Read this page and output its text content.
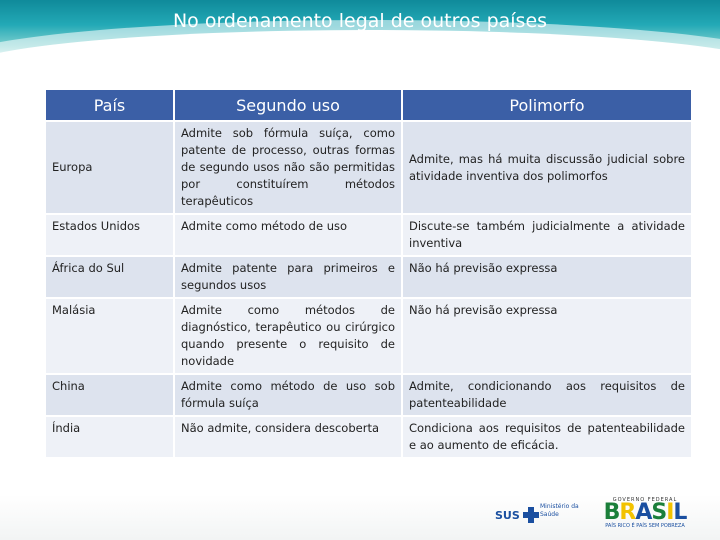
No ordenamento legal de outros países
País	Segundo uso	Polimorfo
Europa	Admite sob fórmula suíça, como patente de processo, outras formas de segundo usos não são permitidas por constituírem métodos terapêuticos	Admite, mas há muita discussão judicial sobre atividade inventiva dos polimorfos
Estados Unidos	Admite como método de uso	Discute-se também judicialmente a atividade inventiva
África do Sul	Admite patente para primeiros e segundos usos	Não há previsão expressa
Malásia	Admite como métodos de diagnóstico, terapêutico ou cirúrgico quando presente o requisito de novidade	Não há previsão expressa
China	Admite como método de uso sob fórmula suíça	Admite, condicionando aos requisitos de patenteabilidade
Índia	Não admite, considera descoberta	Condiciona aos requisitos de patenteabilidade e ao aumento de eficácia.
SUS
Ministério da Saúde
GOVERNO FEDERAL
BRASIL
PAÍS RICO É PAÍS SEM POBREZA
